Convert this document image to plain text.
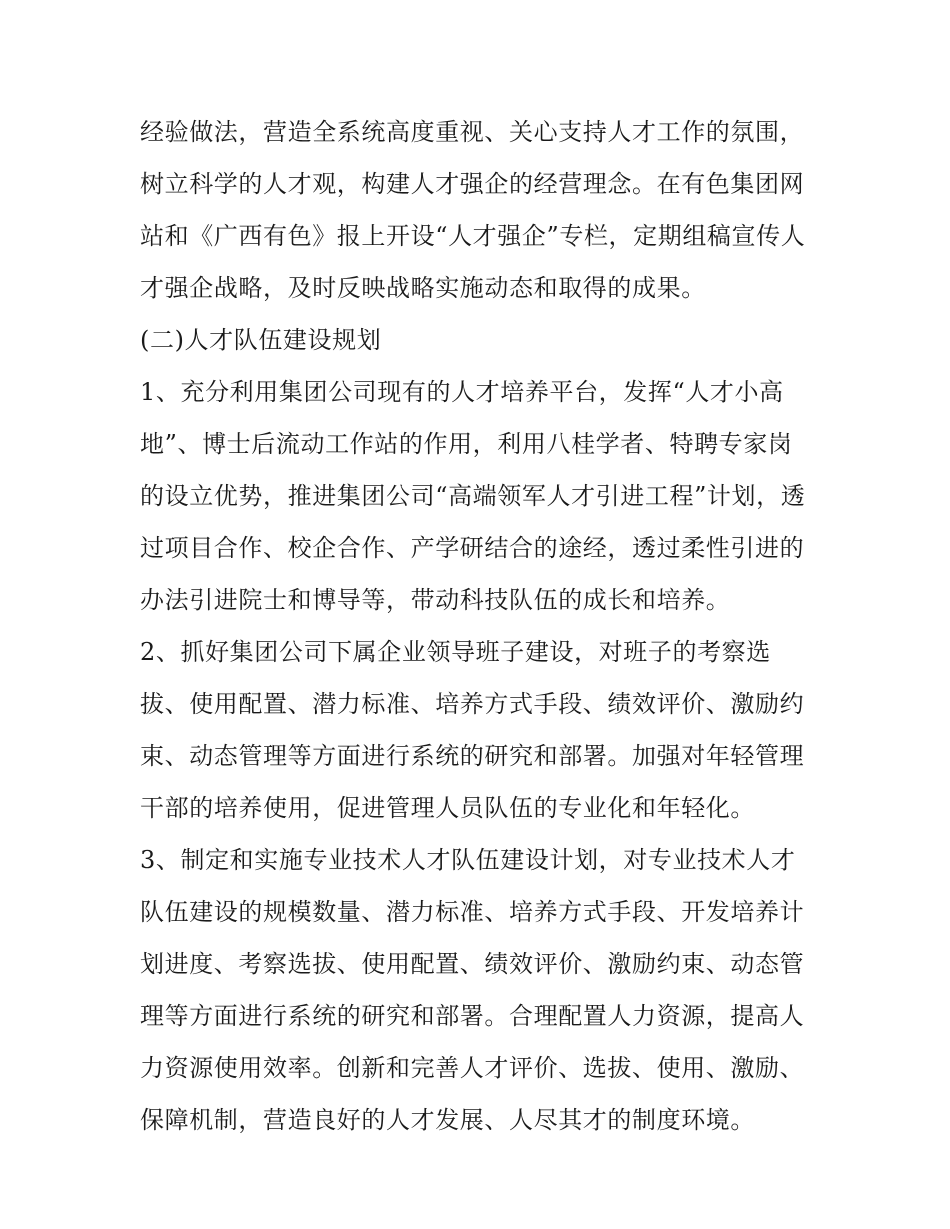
经验做法，营造全系统高度重视、关心支持人才工作的氛围，
树立科学的人才观，构建人才强企的经营理念。在有色集团网
站和《广西有色》报上开设“人才强企”专栏，定期组稿宣传人
才强企战略，及时反映战略实施动态和取得的成果。
(二)人才队伍建设规划
1、充分利用集团公司现有的人才培养平台，发挥“人才小高
地”、博士后流动工作站的作用，利用八桂学者、特聘专家岗
的设立优势，推进集团公司“高端领军人才引进工程”计划，透
过项目合作、校企合作、产学研结合的途经，透过柔性引进的
办法引进院士和博导等，带动科技队伍的成长和培养。
2、抓好集团公司下属企业领导班子建设，对班子的考察选
拔、使用配置、潜力标准、培养方式手段、绩效评价、激励约
束、动态管理等方面进行系统的研究和部署。加强对年轻管理
干部的培养使用，促进管理人员队伍的专业化和年轻化。
3、制定和实施专业技术人才队伍建设计划，对专业技术人才
队伍建设的规模数量、潜力标准、培养方式手段、开发培养计
划进度、考察选拔、使用配置、绩效评价、激励约束、动态管
理等方面进行系统的研究和部署。合理配置人力资源，提高人
力资源使用效率。创新和完善人才评价、选拔、使用、激励、
保障机制，营造良好的人才发展、人尽其才的制度环境。
